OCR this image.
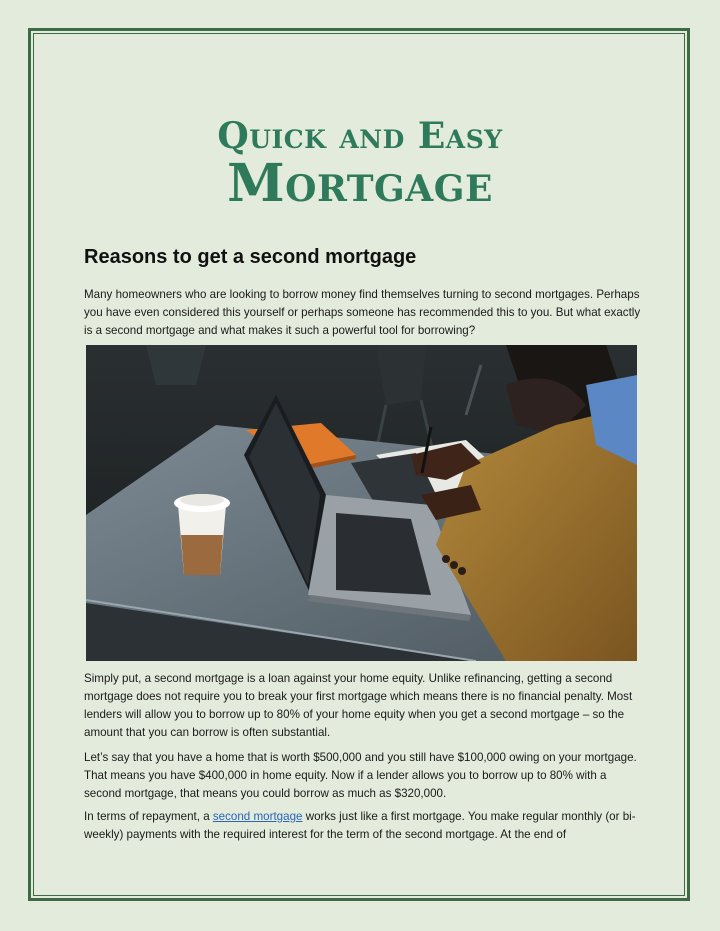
Quick and Easy
Mortgage
Reasons to get a second mortgage

Many homeowners who are looking to borrow money find themselves turning to second mortgages. Perhaps you have even considered this yourself or perhaps someone has recommended this to you. But what exactly is a second mortgage and what makes it such a powerful tool for borrowing?

Simply put, a second mortgage is a loan against your home equity. Unlike refinancing, getting a second mortgage does not require you to break your first mortgage which means there is no financial penalty. Most lenders will allow you to borrow up to 80% of your home equity when you get a second mortgage – so the amount that you can borrow is often substantial.

Let’s say that you have a home that is worth $500,000 and you still have $100,000 owing on your mortgage. That means you have $400,000 in home equity. Now if a lender allows you to borrow up to 80% with a second mortgage, that means you could borrow as much as $320,000.

In terms of repayment, a second mortgage works just like a first mortgage. You make regular monthly (or bi-weekly) payments with the required interest for the term of the second mortgage. At the end of
